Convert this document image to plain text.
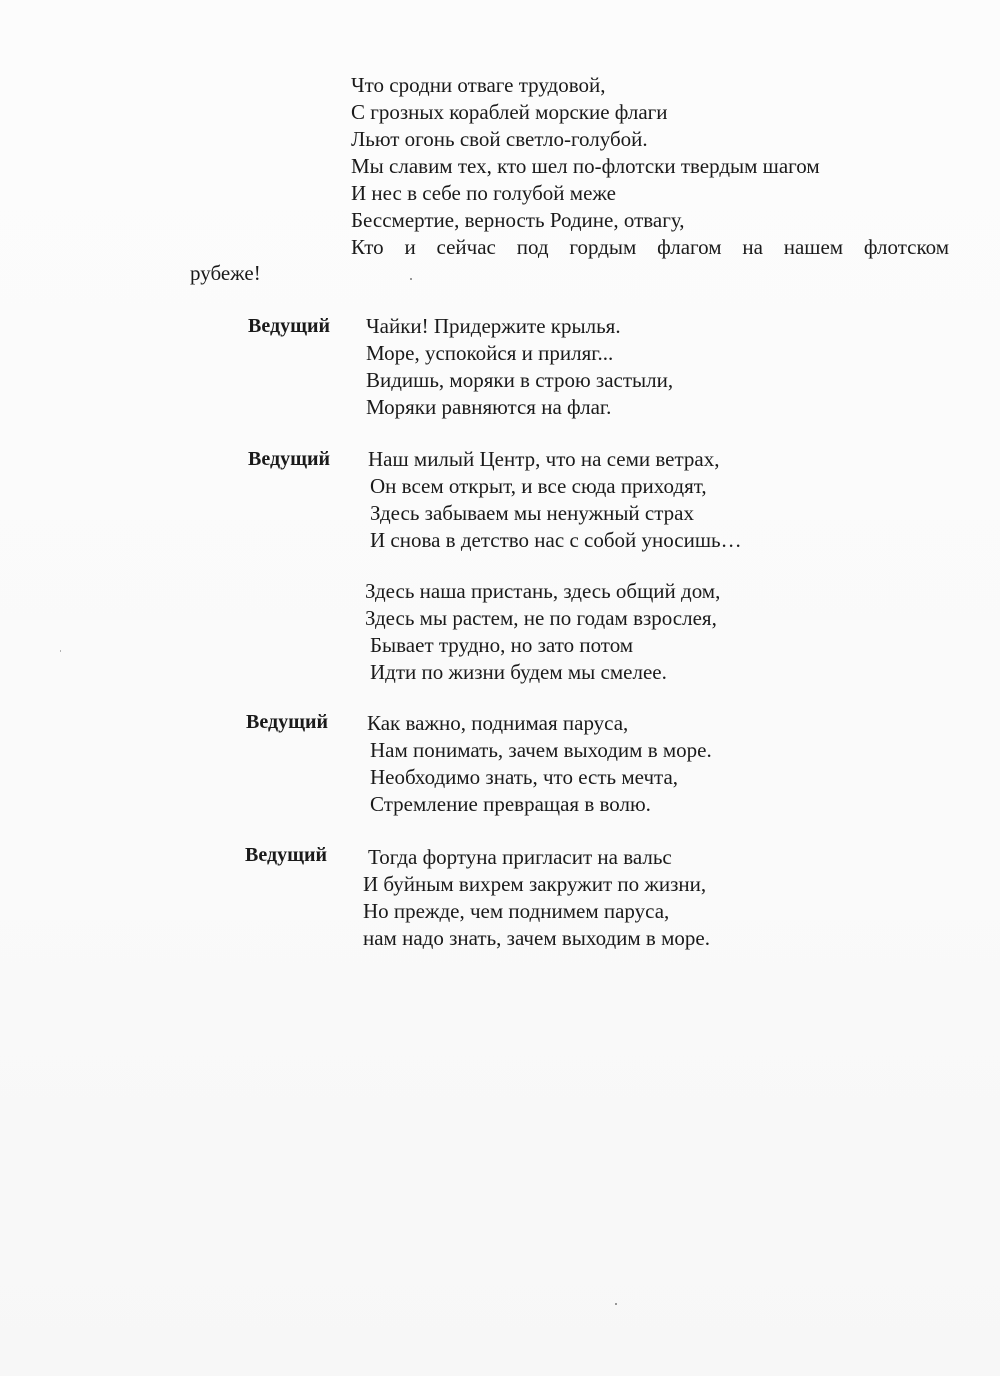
Что сродни отваге трудовой,
С грозных кораблей морские флаги
Льют огонь свой светло-голубой.
Мы славим тех, кто шел по-флотски твердым шагом
И нес в себе по голубой меже
Бессмертие, верность Родине, отвагу,
Кто и сейчас под гордым флагом на нашем флотском
рубеже!
Ведущий Чайки! Придержите крылья.
Море, успокойся и приляг...
Видишь, моряки в строю застыли,
Моряки равняются на флаг.
Ведущий Наш милый Центр, что на семи ветрах,
Он всем открыт, и все сюда приходят,
Здесь забываем мы ненужный страх
И снова в детство нас с собой уносишь…
Здесь наша пристань, здесь общий дом,
Здесь мы растем, не по годам взрослея,
Бывает трудно, но зато потом
Идти по жизни будем мы смелее.
Ведущий Как важно, поднимая паруса,
Нам понимать, зачем выходим в море.
Необходимо знать, что есть мечта,
Стремление превращая в волю.
Ведущий Тогда фортуна пригласит на вальс
И буйным вихрем закружит по жизни,
Но прежде, чем поднимем паруса,
нам надо знать, зачем выходим в море.
